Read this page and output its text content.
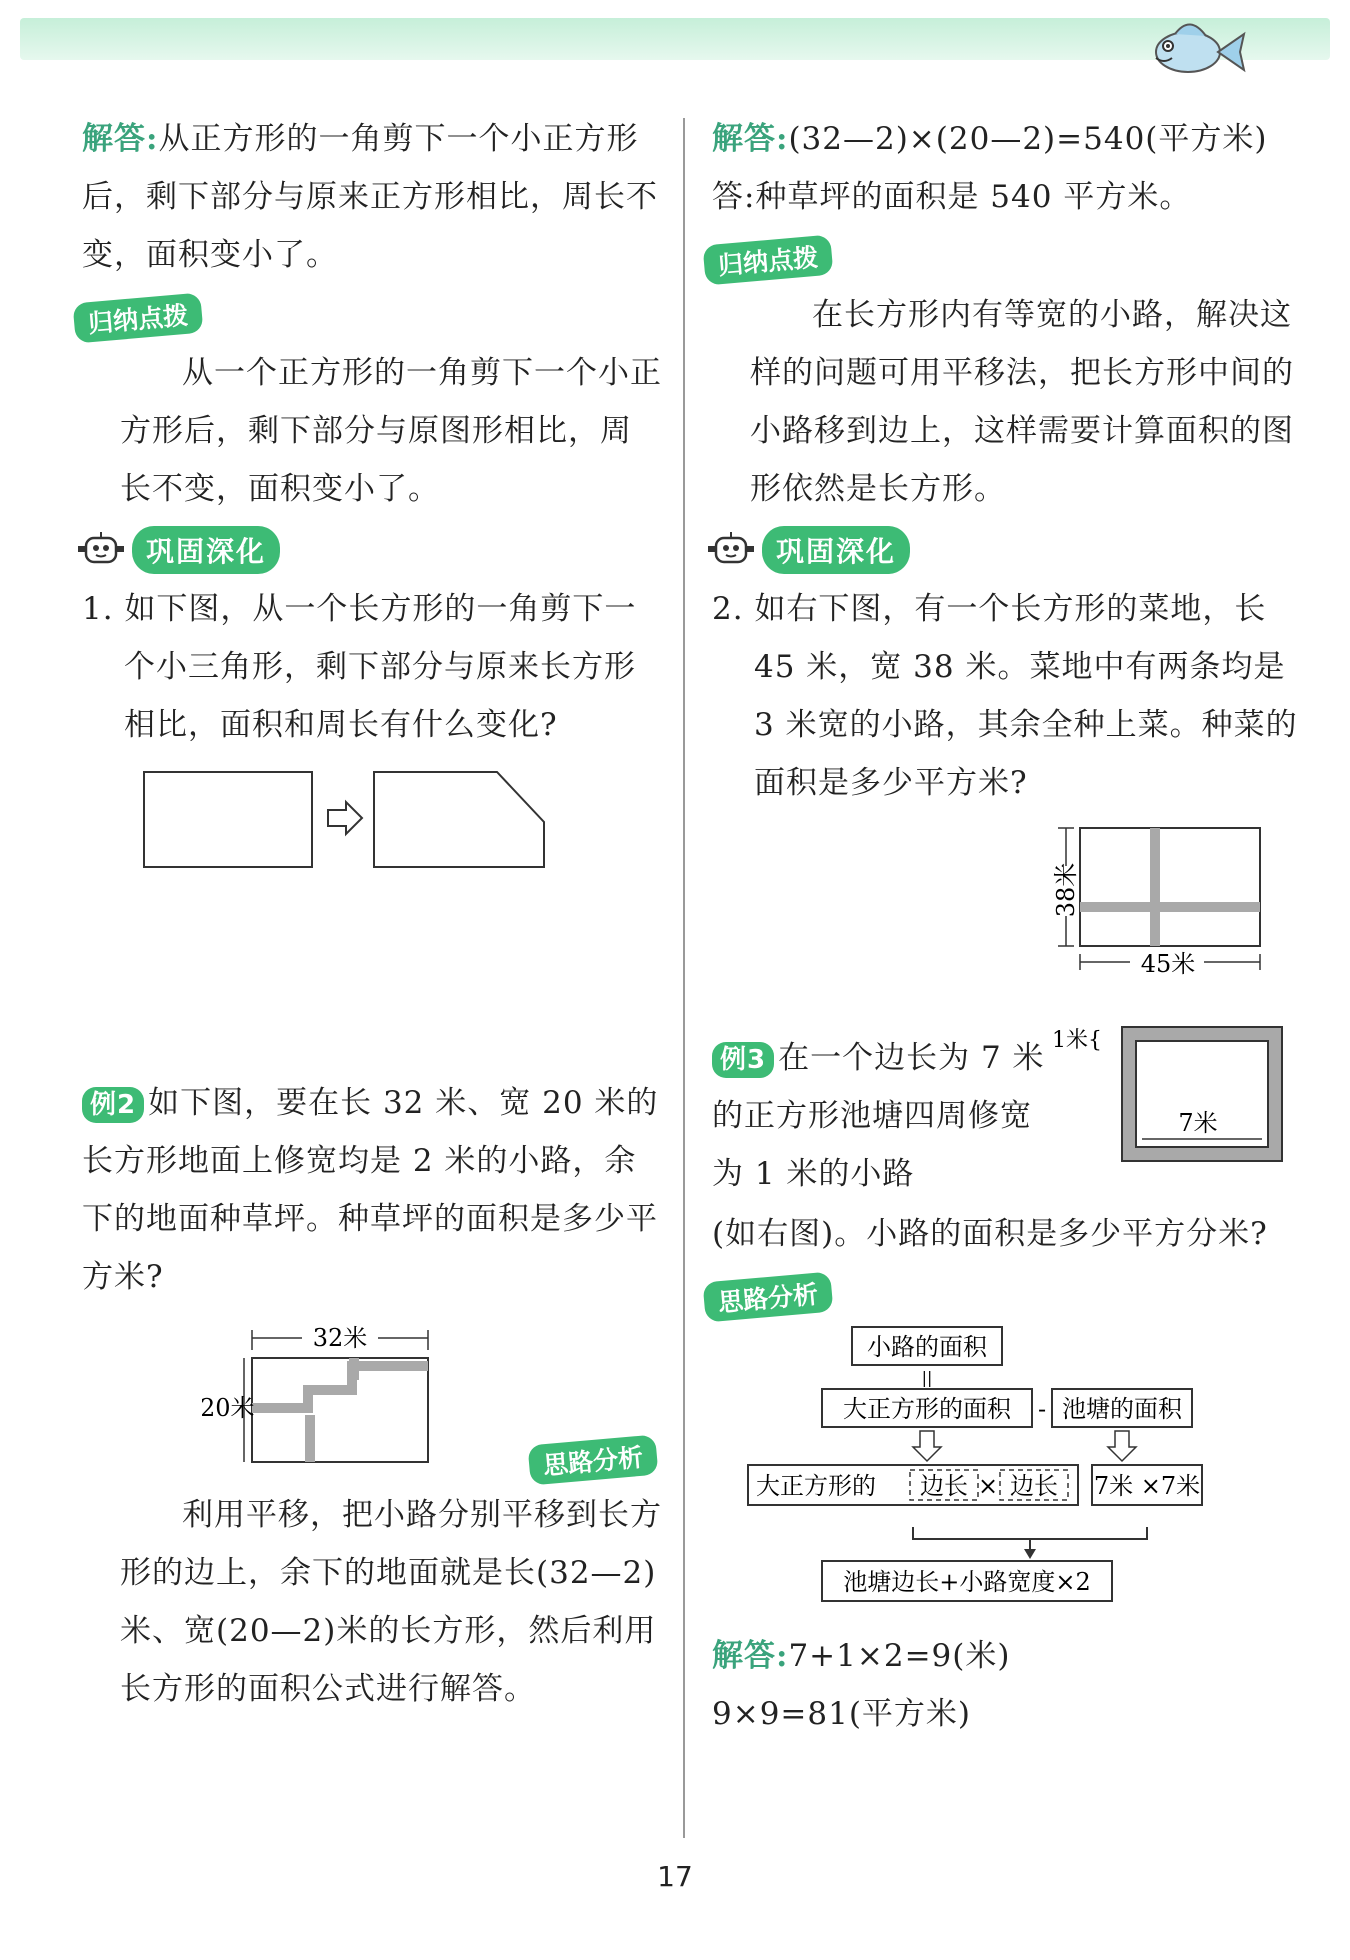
解答:从正方形的一角剪下一个小正方形后，剩下部分与原来正方形相比，周长不变，面积变小了。

归纳点拨

从一个正方形的一角剪下一个小正方形后，剩下部分与原图形相比，周长不变，面积变小了。

巩固深化

1. 如下图，从一个长方形的一角剪下一个小三角形，剩下部分与原来长方形相比，面积和周长有什么变化?

例2 如下图，要在长 32 米、宽 20 米的长方形地面上修宽均是 2 米的小路，余下的地面种草坪。种草坪的面积是多少平方米?

32米
20米
思路分析

利用平移，把小路分别平移到长方形的边上，余下的地面就是长(32—2)米、宽(20—2)米的长方形，然后利用长方形的面积公式进行解答。

解答:(32—2)×(20—2)=540(平方米)

答:种草坪的面积是 540 平方米。

归纳点拨

在长方形内有等宽的小路，解决这样的问题可用平移法，把长方形中间的小路移到边上，这样需要计算面积的图形依然是长方形。

巩固深化

2. 如右下图，有一个长方形的菜地，长 45 米，宽 38 米。菜地中有两条均是 3 米宽的小路，其余全种上菜。种菜的面积是多少平方米?

38米
45米

例3 在一个边长为 7 米的正方形池塘四周修宽为 1 米的小路

1米{
7米

(如右图)。小路的面积是多少平方分米?

思路分析
小路的面积
||
大正方形的面积 - 池塘的面积
大正方形的 边长 × 边长 7米 ×7米
池塘边长+小路宽度×2

解答:7+1×2=9(米)

9×9=81(平方米)

17
